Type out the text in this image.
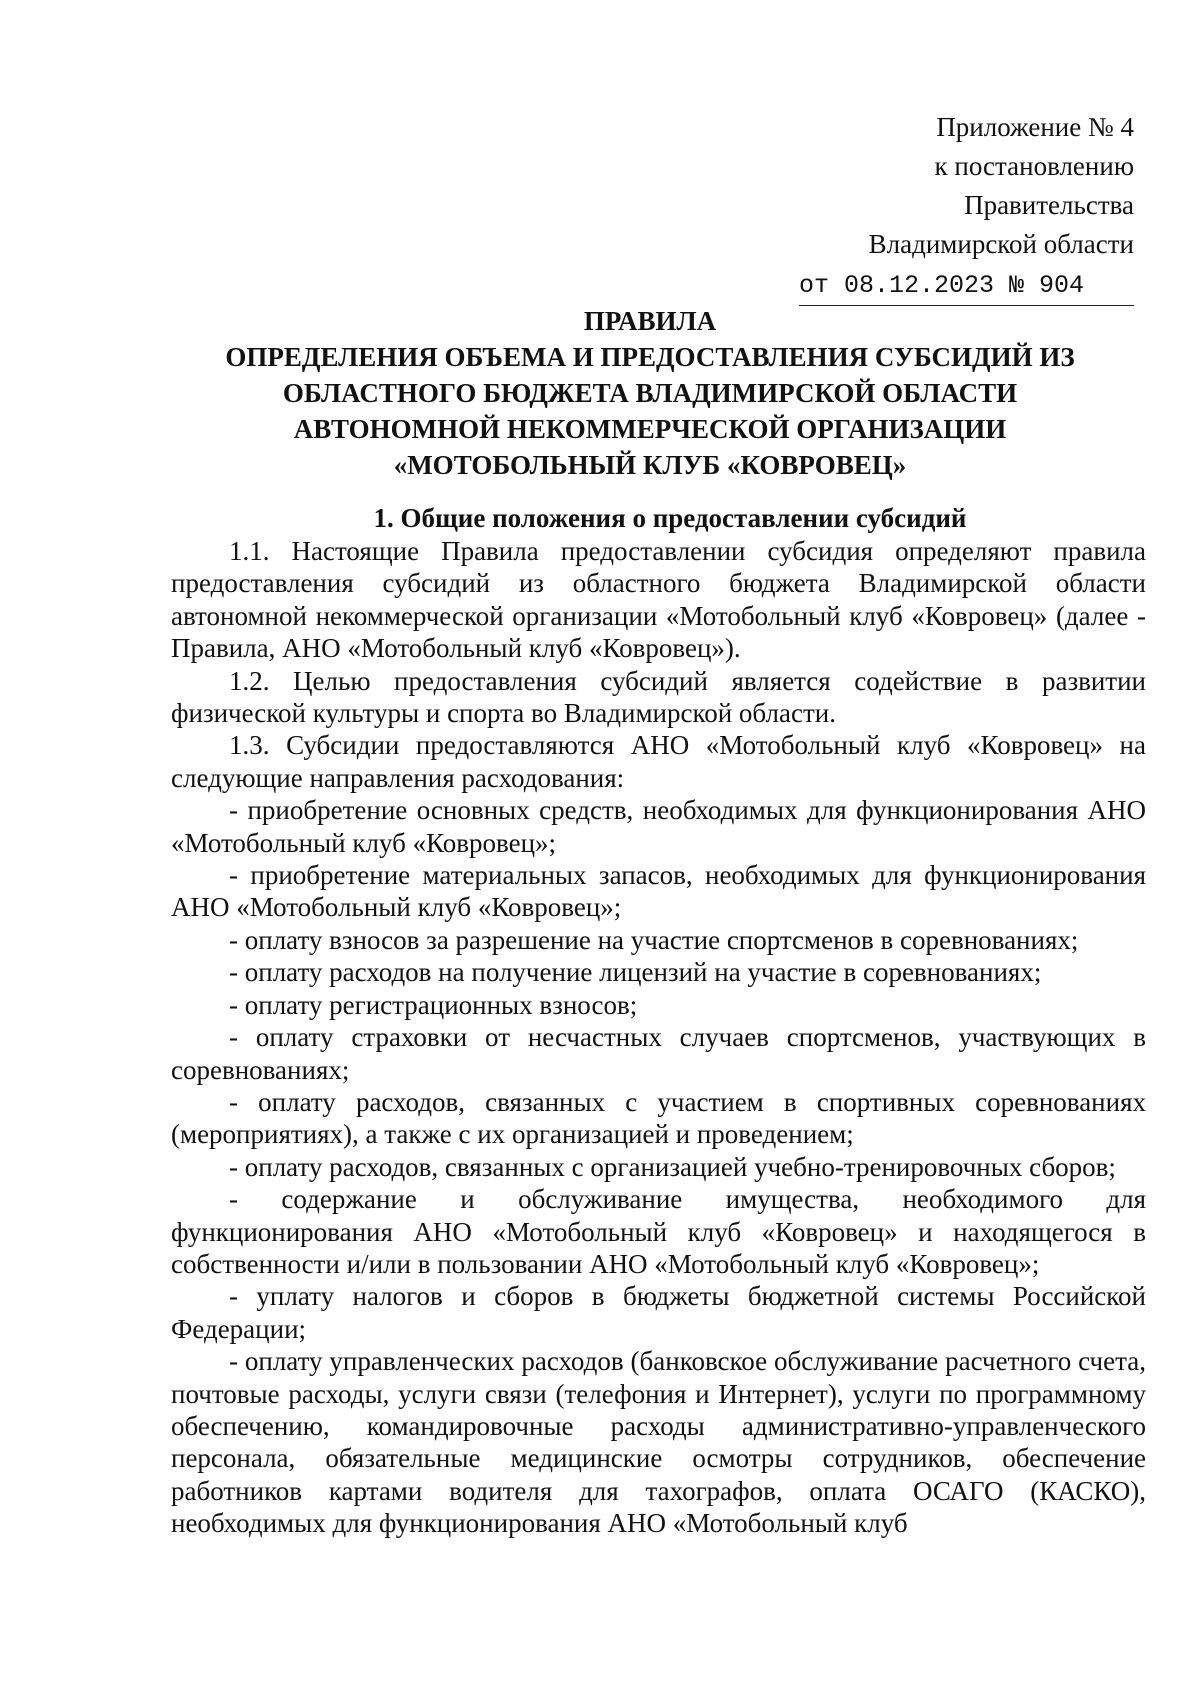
Приложение № 4
к постановлению
Правительства
Владимирской области
от 08.12.2023 № 904
ПРАВИЛА
ОПРЕДЕЛЕНИЯ ОБЪЕМА И ПРЕДОСТАВЛЕНИЯ СУБСИДИЙ ИЗ
ОБЛАСТНОГО БЮДЖЕТА ВЛАДИМИРСКОЙ ОБЛАСТИ
АВТОНОМНОЙ НЕКОММЕРЧЕСКОЙ ОРГАНИЗАЦИИ
«МОТОБОЛЬНЫЙ КЛУБ «КОВРОВЕЦ»
1. Общие положения о предоставлении субсидий

1.1. Настоящие Правила предоставлении субсидия определяют правила предоставления субсидий из областного бюджета Владимирской области автономной некоммерческой организации «Мотобольный клуб «Ковровец» (далее - Правила, АНО «Мотобольный клуб «Ковровец»).

1.2. Целью предоставления субсидий является содействие в развитии физической культуры и спорта во Владимирской области.

1.3. Субсидии предоставляются АНО «Мотобольный клуб «Ковровец» на следующие направления расходования:

- приобретение основных средств, необходимых для функционирования АНО «Мотобольный клуб «Ковровец»;

- приобретение материальных запасов, необходимых для функционирования АНО «Мотобольный клуб «Ковровец»;

- оплату взносов за разрешение на участие спортсменов в соревнованиях;

- оплату расходов на получение лицензий на участие в соревнованиях;

- оплату регистрационных взносов;

- оплату страховки от несчастных случаев спортсменов, участвующих в соревнованиях;

- оплату расходов, связанных с участием в спортивных соревнованиях (мероприятиях), а также с их организацией и проведением;

- оплату расходов, связанных с организацией учебно-тренировочных сборов;

- содержание и обслуживание имущества, необходимого для функционирования АНО «Мотобольный клуб «Ковровец» и находящегося в собственности и/или в пользовании АНО «Мотобольный клуб «Ковровец»;

- уплату налогов и сборов в бюджеты бюджетной системы Российской Федерации;

- оплату управленческих расходов (банковское обслуживание расчетного счета, почтовые расходы, услуги связи (телефония и Интернет), услуги по программному обеспечению, командировочные расходы административно-управленческого персонала, обязательные медицинские осмотры сотрудников, обеспечение работников картами водителя для тахографов, оплата ОСАГО (КАСКО), необходимых для функционирования АНО «Мотобольный клуб
